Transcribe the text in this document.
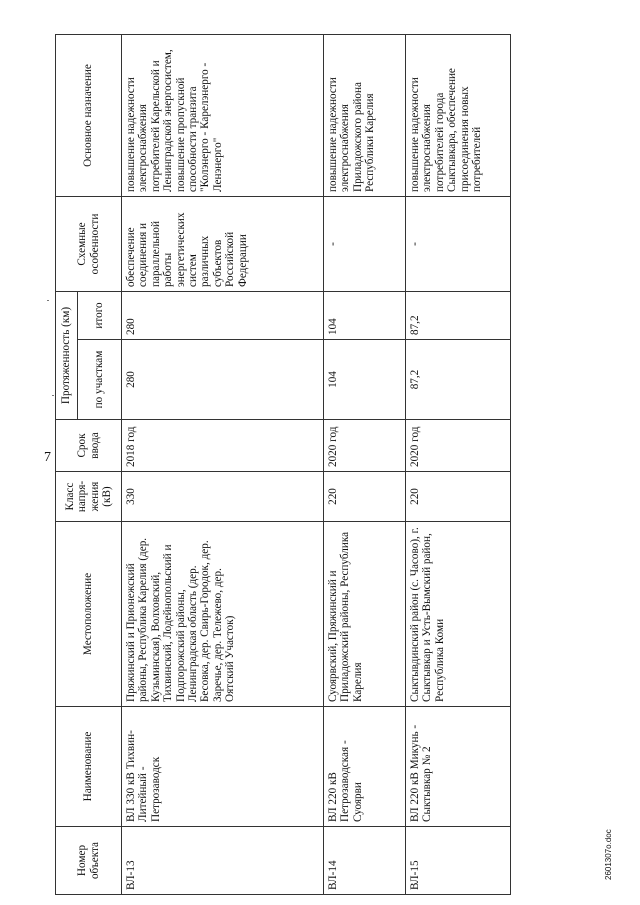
7
Номер объекта	Наименование	Местоположение	Класс напря-жения (кВ)	Срок ввода	Протяженность (км)		Схемные особенности	Основное назначение
					по участкам	итого		
ВЛ-13	ВЛ 330 кВ Тихвин-Литейный - Петрозаводск	Пряжинский и Прионежский районы, Республика Карелия (дер. Кузьминская), Волховский, Тихвинский, Лодейнопольский и Подпорожский районы, Ленинградская область (дер. Бесовка, дер. Свирь-Городок, дер. Заречье, дер. Тележево, дер. Оятский Участок)	330	2018 год	280	280	обеспечение соединения и параллельной работы энергетических систем различных субъектов Российской Федерации	повышение надежности электроснабжения потребителей Карельской и Ленинградской энергосистем, повышение пропускной способности транзита "Колэнерго - Карелэнерго - Ленэнерго"
ВЛ-14	ВЛ 220 кВ Петрозаводская - Суоярви	Суоярвский, Пряжинский и Приладожский районы, Республика Карелия	220	2020 год	104	104	-	повышение надежности электроснабжения Приладожского района Республики Карелия
ВЛ-15	ВЛ 220 кВ Микунь - Сыктывкар № 2	Сыктывдинский район (с. Часово), г. Сыктывкар и Усть-Вымский район, Республика Коми	220	2020 год	87,2	87,2	-	повышение надежности электроснабжения потребителей города Сыктывкара, обеспечение присоединения новых потребителей
2601307о.doc
